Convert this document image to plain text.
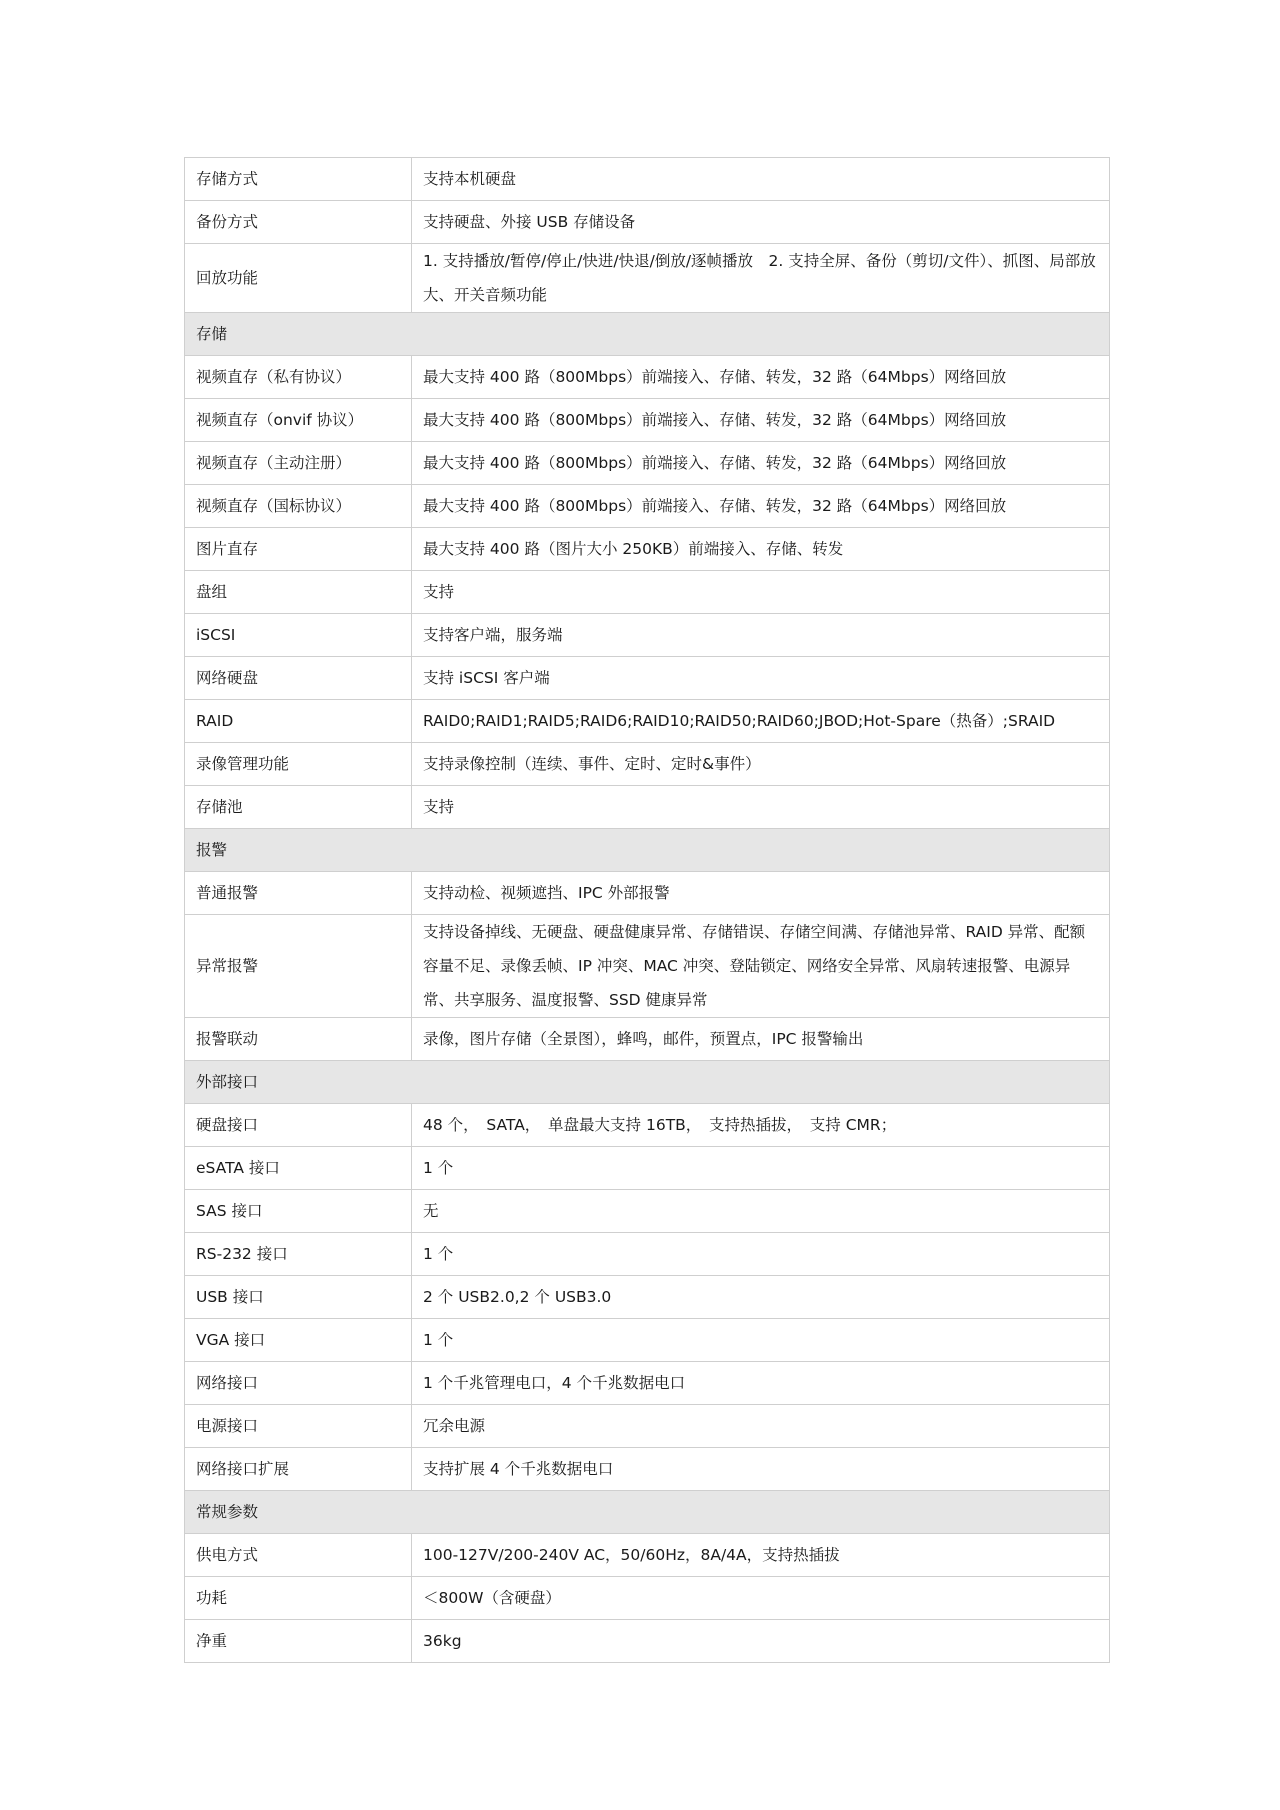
存储方式	支持本机硬盘
备份方式	支持硬盘、外接 USB 存储设备
回放功能	1. 支持播放/暂停/停止/快进/快退/倒放/逐帧播放　2. 支持全屏、备份（剪切/文件）、抓图、局部放大、开关音频功能
存储	
视频直存（私有协议）	最大支持 400 路（800Mbps）前端接入、存储、转发，32 路（64Mbps）网络回放
视频直存（onvif 协议）	最大支持 400 路（800Mbps）前端接入、存储、转发，32 路（64Mbps）网络回放
视频直存（主动注册）	最大支持 400 路（800Mbps）前端接入、存储、转发，32 路（64Mbps）网络回放
视频直存（国标协议）	最大支持 400 路（800Mbps）前端接入、存储、转发，32 路（64Mbps）网络回放
图片直存	最大支持 400 路（图片大小 250KB）前端接入、存储、转发
盘组	支持
iSCSI	支持客户端，服务端
网络硬盘	支持 iSCSI 客户端
RAID	RAID0;RAID1;RAID5;RAID6;RAID10;RAID50;RAID60;JBOD;Hot-Spare（热备）;SRAID
录像管理功能	支持录像控制（连续、事件、定时、定时&事件）
存储池	支持
报警	
普通报警	支持动检、视频遮挡、IPC 外部报警
异常报警	支持设备掉线、无硬盘、硬盘健康异常、存储错误、存储空间满、存储池异常、RAID 异常、配额容量不足、录像丢帧、IP 冲突、MAC 冲突、登陆锁定、网络安全异常、风扇转速报警、电源异常、共享服务、温度报警、SSD 健康异常
报警联动	录像，图片存储（全景图），蜂鸣，邮件，预置点，IPC 报警输出
外部接口	
硬盘接口	48 个，　SATA，　单盘最大支持 16TB，　支持热插拔，　支持 CMR；
eSATA 接口	1 个
SAS 接口	无
RS-232 接口	1 个
USB 接口	2 个 USB2.0,2 个 USB3.0
VGA 接口	1 个
网络接口	1 个千兆管理电口，4 个千兆数据电口
电源接口	冗余电源
网络接口扩展	支持扩展 4 个千兆数据电口
常规参数	
供电方式	100-127V/200-240V AC，50/60Hz，8A/4A，支持热插拔
功耗	＜800W（含硬盘）
净重	36kg
